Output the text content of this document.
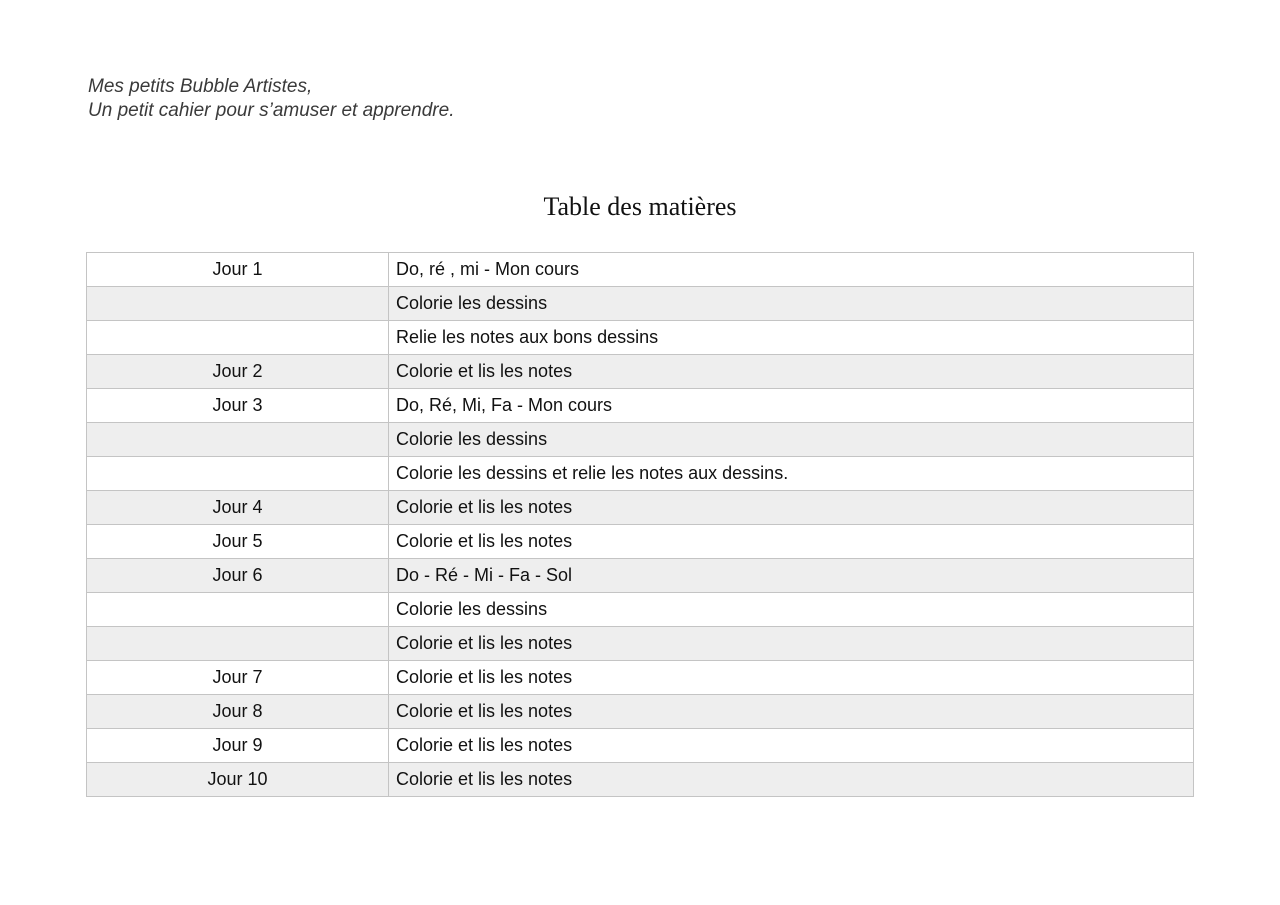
Mes petits Bubble Artistes,
Un petit cahier pour s’amuser et apprendre.
Table des matières
Jour 1	Do, ré , mi - Mon cours
	Colorie les dessins
	Relie les notes aux bons dessins
Jour 2	Colorie et lis les notes
Jour 3	Do, Ré, Mi, Fa - Mon cours
	Colorie les dessins
	Colorie les dessins et relie les notes aux dessins.
Jour 4	Colorie et lis les notes
Jour 5	Colorie et lis les notes
Jour 6	Do - Ré - Mi - Fa - Sol
	Colorie les dessins
	Colorie et lis les notes
Jour 7	Colorie et lis les notes
Jour 8	Colorie et lis les notes
Jour 9	Colorie et lis les notes
Jour 10	Colorie et lis les notes
